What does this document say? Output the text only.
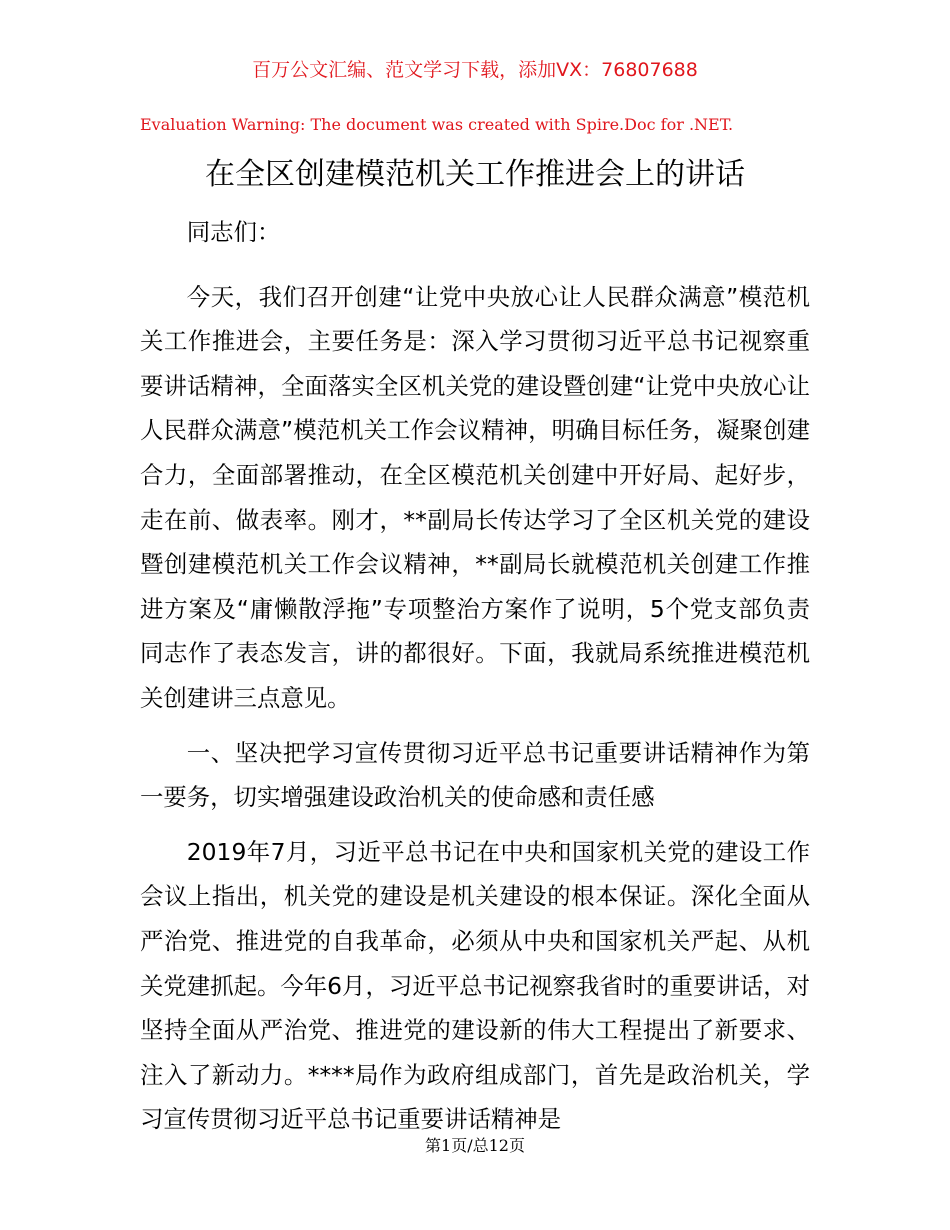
百万公文汇编、范文学习下载，添加VX：76807688
Evaluation Warning: The document was created with Spire.Doc for .NET.
在全区创建模范机关工作推进会上的讲话

同志们：

今天，我们召开创建“让党中央放心让人民群众满意”模范机关工作推进会，主要任务是：深入学习贯彻习近平总书记视察重要讲话精神，全面落实全区机关党的建设暨创建“让党中央放心让人民群众满意”模范机关工作会议精神，明确目标任务，凝聚创建合力，全面部署推动，在全区模范机关创建中开好局、起好步，走在前、做表率。刚才，**副局长传达学习了全区机关党的建设暨创建模范机关工作会议精神，**副局长就模范机关创建工作推进方案及“庸懒散浮拖”专项整治方案作了说明，5个党支部负责同志作了表态发言，讲的都很好。下面，我就局系统推进模范机关创建讲三点意见。

一、坚决把学习宣传贯彻习近平总书记重要讲话精神作为第一要务，切实增强建设政治机关的使命感和责任感

2019年7月，习近平总书记在中央和国家机关党的建设工作会议上指出，机关党的建设是机关建设的根本保证。深化全面从严治党、推进党的自我革命，必须从中央和国家机关严起、从机关党建抓起。今年6月，习近平总书记视察我省时的重要讲话，对坚持全面从严治党、推进党的建设新的伟大工程提出了新要求、注入了新动力。****局作为政府组成部门，首先是政治机关，学习宣传贯彻习近平总书记重要讲话精神是

第1页/总12页
